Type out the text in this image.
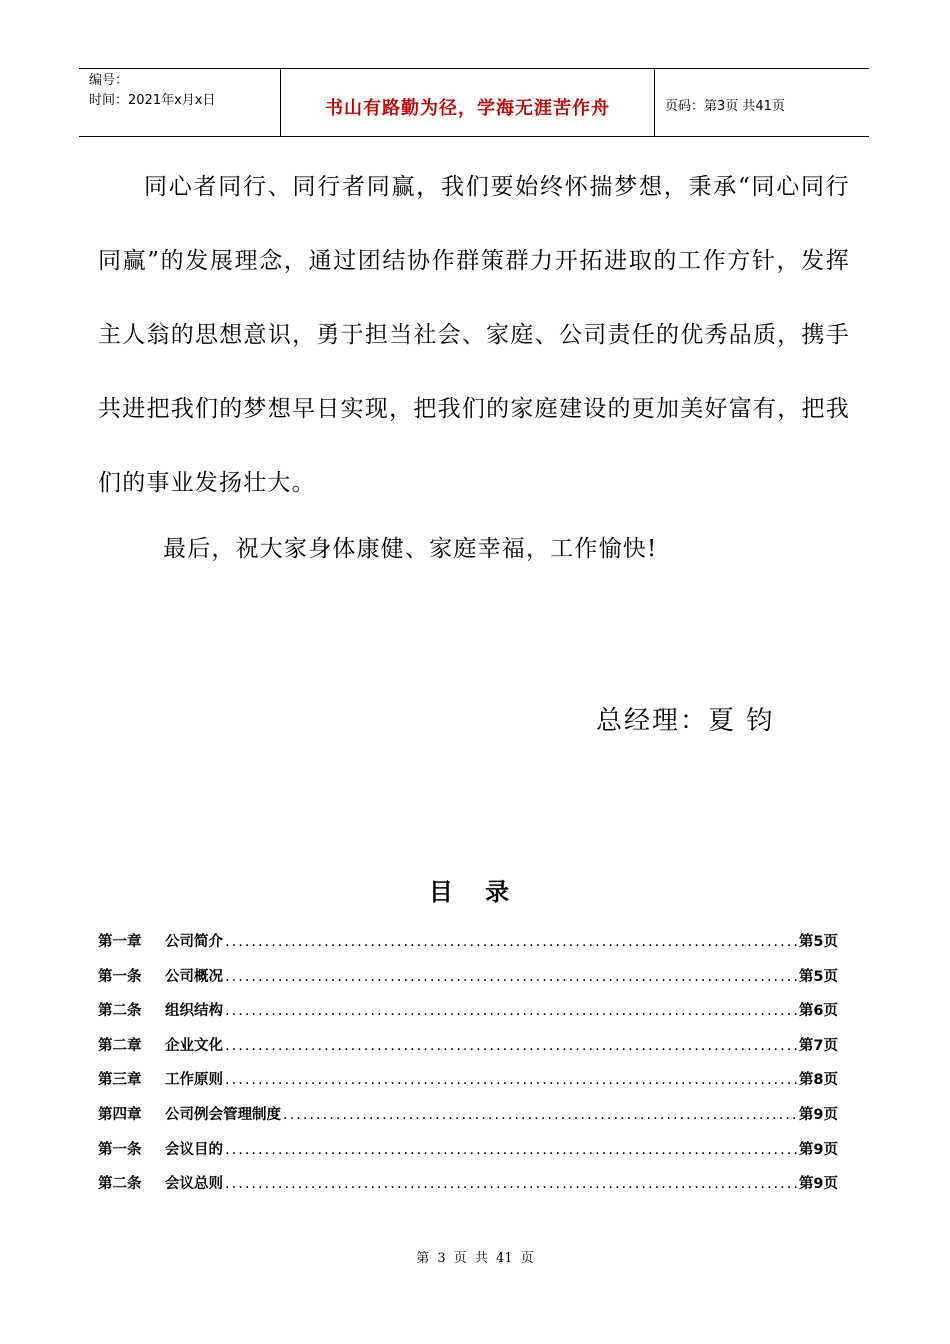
编号：
时间：2021年x月x日	书山有路勤为径，学海无涯苦作舟	页码：第3页 共41页

同心者同行、同行者同赢，我们要始终怀揣梦想，秉承“同心同行同赢”的发展理念，通过团结协作群策群力开拓进取的工作方针，发挥主人翁的思想意识，勇于担当社会、家庭、公司责任的优秀品质，携手共进把我们的梦想早日实现，把我们的家庭建设的更加美好富有，把我们的事业发扬壮大。

最后，祝大家身体康健、家庭幸福，工作愉快!
总经理：夏 钧
目 录
第一章	公司简介 .....	第5页
第一条	公司概况 .....	第5页
第二条	组织结构 .....	第6页
第二章	企业文化 .....	第7页
第三章	工作原则 .....	第8页
第四章	公司例会管理制度 .....	第9页
第一条	会议目的 .....	第9页
第二条	会议总则 .....	第9页
第 3 页 共 41 页
